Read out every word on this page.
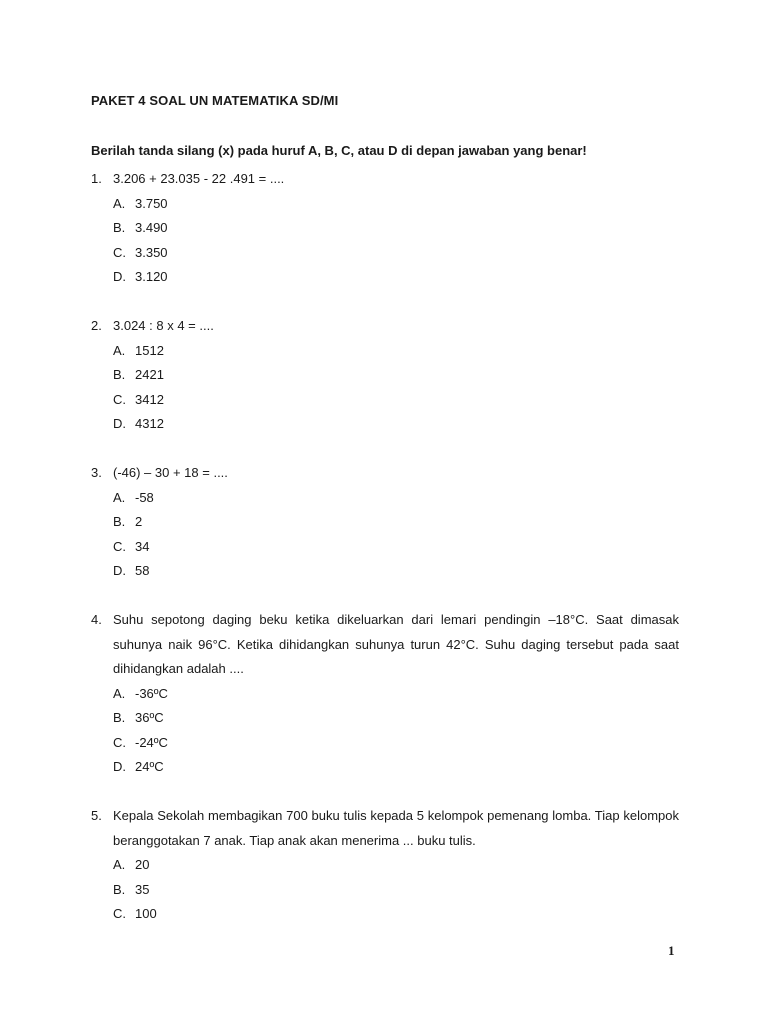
PAKET 4 SOAL UN MATEMATIKA SD/MI
Berilah tanda silang (x) pada huruf A, B, C, atau D di depan jawaban yang benar!
1. 3.206 + 23.035 - 22 .491 = ....
A. 3.750
B. 3.490
C. 3.350
D. 3.120
2. 3.024 : 8 x 4 = ....
A. 1512
B. 2421
C. 3412
D. 4312
3. (-46) – 30 + 18 = ....
A. -58
B. 2
C. 34
D. 58
4. Suhu sepotong daging beku ketika dikeluarkan dari lemari pendingin –18°C. Saat dimasak suhunya naik 96°C. Ketika dihidangkan suhunya turun 42°C. Suhu daging tersebut pada saat dihidangkan adalah ....
A. -36ºC
B. 36ºC
C. -24ºC
D. 24ºC
5. Kepala Sekolah membagikan 700 buku tulis kepada 5 kelompok pemenang lomba. Tiap kelompok beranggotakan 7 anak. Tiap anak akan menerima ... buku tulis.
A. 20
B. 35
C. 100
1
